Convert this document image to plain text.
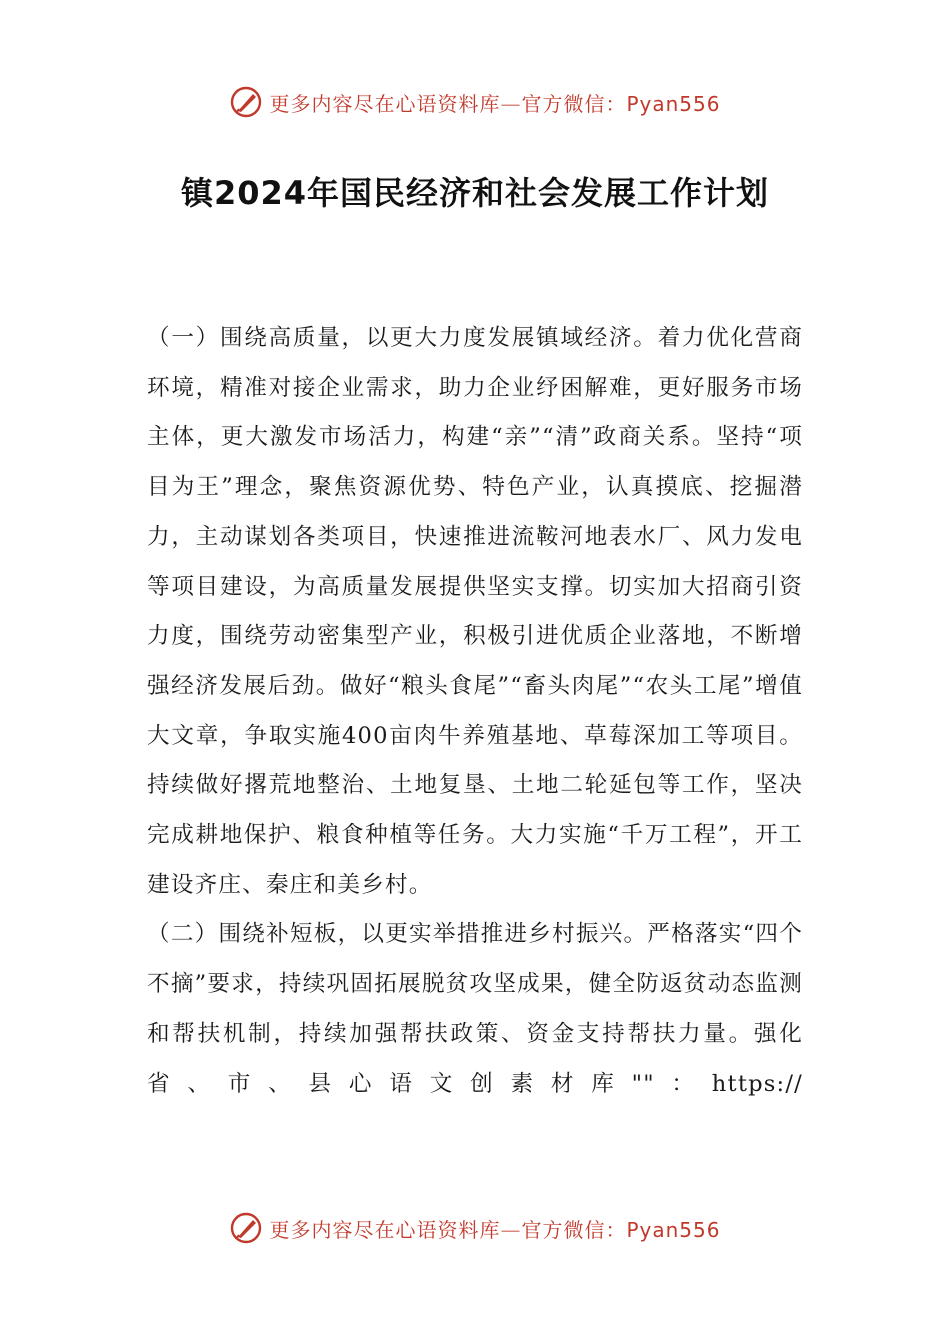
更多内容尽在心语资料库—官方微信：Pyan556
镇2024年国民经济和社会发展工作计划

（一）围绕高质量，以更大力度发展镇域经济。着力优化营商环境，精准对接企业需求，助力企业纾困解难，更好服务市场主体，更大激发市场活力，构建“亲”“清”政商关系。坚持“项目为王”理念，聚焦资源优势、特色产业，认真摸底、挖掘潜力，主动谋划各类项目，快速推进流鞍河地表水厂、风力发电等项目建设，为高质量发展提供坚实支撑。切实加大招商引资力度，围绕劳动密集型产业，积极引进优质企业落地，不断增强经济发展后劲。做好“粮头食尾”“畜头肉尾”“农头工尾”增值大文章，争取实施400亩肉牛养殖基地、草莓深加工等项目。持续做好撂荒地整治、土地复垦、土地二轮延包等工作，坚决完成耕地保护、粮食种植等任务。大力实施“千万工程”，开工建设齐庄、秦庄和美乡村。

（二）围绕补短板，以更实举措推进乡村振兴。严格落实“四个不摘”要求，持续巩固拓展脱贫攻坚成果，健全防返贫动态监测和帮扶机制，持续加强帮扶政策、资金支持帮扶力量。强化省、市、县心语文创素材库""：https://

更多内容尽在心语资料库—官方微信：Pyan556
